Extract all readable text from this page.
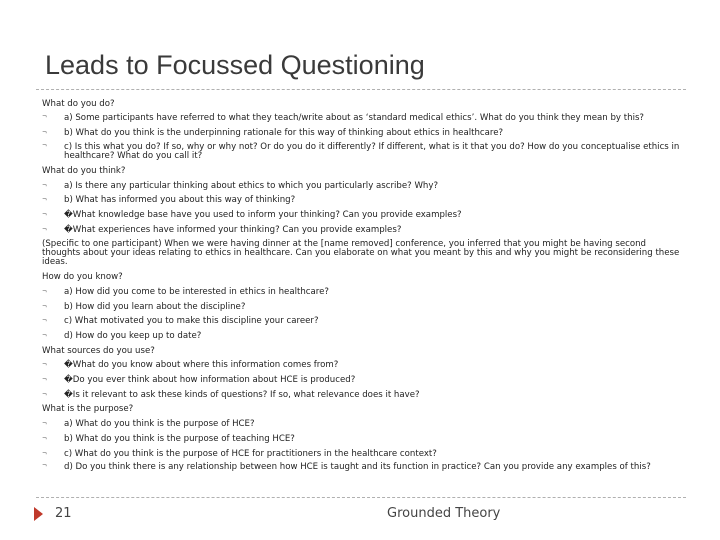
Leads to Focussed Questioning
What do you do?
¬ a) Some participants have referred to what they teach/write about as ‘standard medical ethics’. What do you think they mean by this?
¬ b) What do you think is the underpinning rationale for this way of thinking about ethics in healthcare?
¬ c) Is this what you do? If so, why or why not? Or do you do it differently? If different, what is it that you do? How do you conceptualise ethics in healthcare? What do you call it?
What do you think?
¬ a) Is there any particular thinking about ethics to which you particularly ascribe? Why?
¬ b) What has informed you about this way of thinking?
¬ �What knowledge base have you used to inform your thinking? Can you provide examples?
¬ �What experiences have informed your thinking? Can you provide examples?
(Specific to one participant) When we were having dinner at the [name removed] conference, you inferred that you might be having second thoughts about your ideas relating to ethics in healthcare. Can you elaborate on what you meant by this and why you might be reconsidering these ideas.
How do you know?
¬ a) How did you come to be interested in ethics in healthcare?
¬ b) How did you learn about the discipline?
¬ c) What motivated you to make this discipline your career?
¬ d) How do you keep up to date?
What sources do you use?
¬ �What do you know about where this information comes from?
¬ �Do you ever think about how information about HCE is produced?
¬ �Is it relevant to ask these kinds of questions? If so, what relevance does it have?
What is the purpose?
¬ a) What do you think is the purpose of HCE?
¬ b) What do you think is the purpose of teaching HCE?
¬ c) What do you think is the purpose of HCE for practitioners in the healthcare context?
¬ d) Do you think there is any relationship between how HCE is taught and its function in practice? Can you provide any examples of this?
21	Grounded Theory
